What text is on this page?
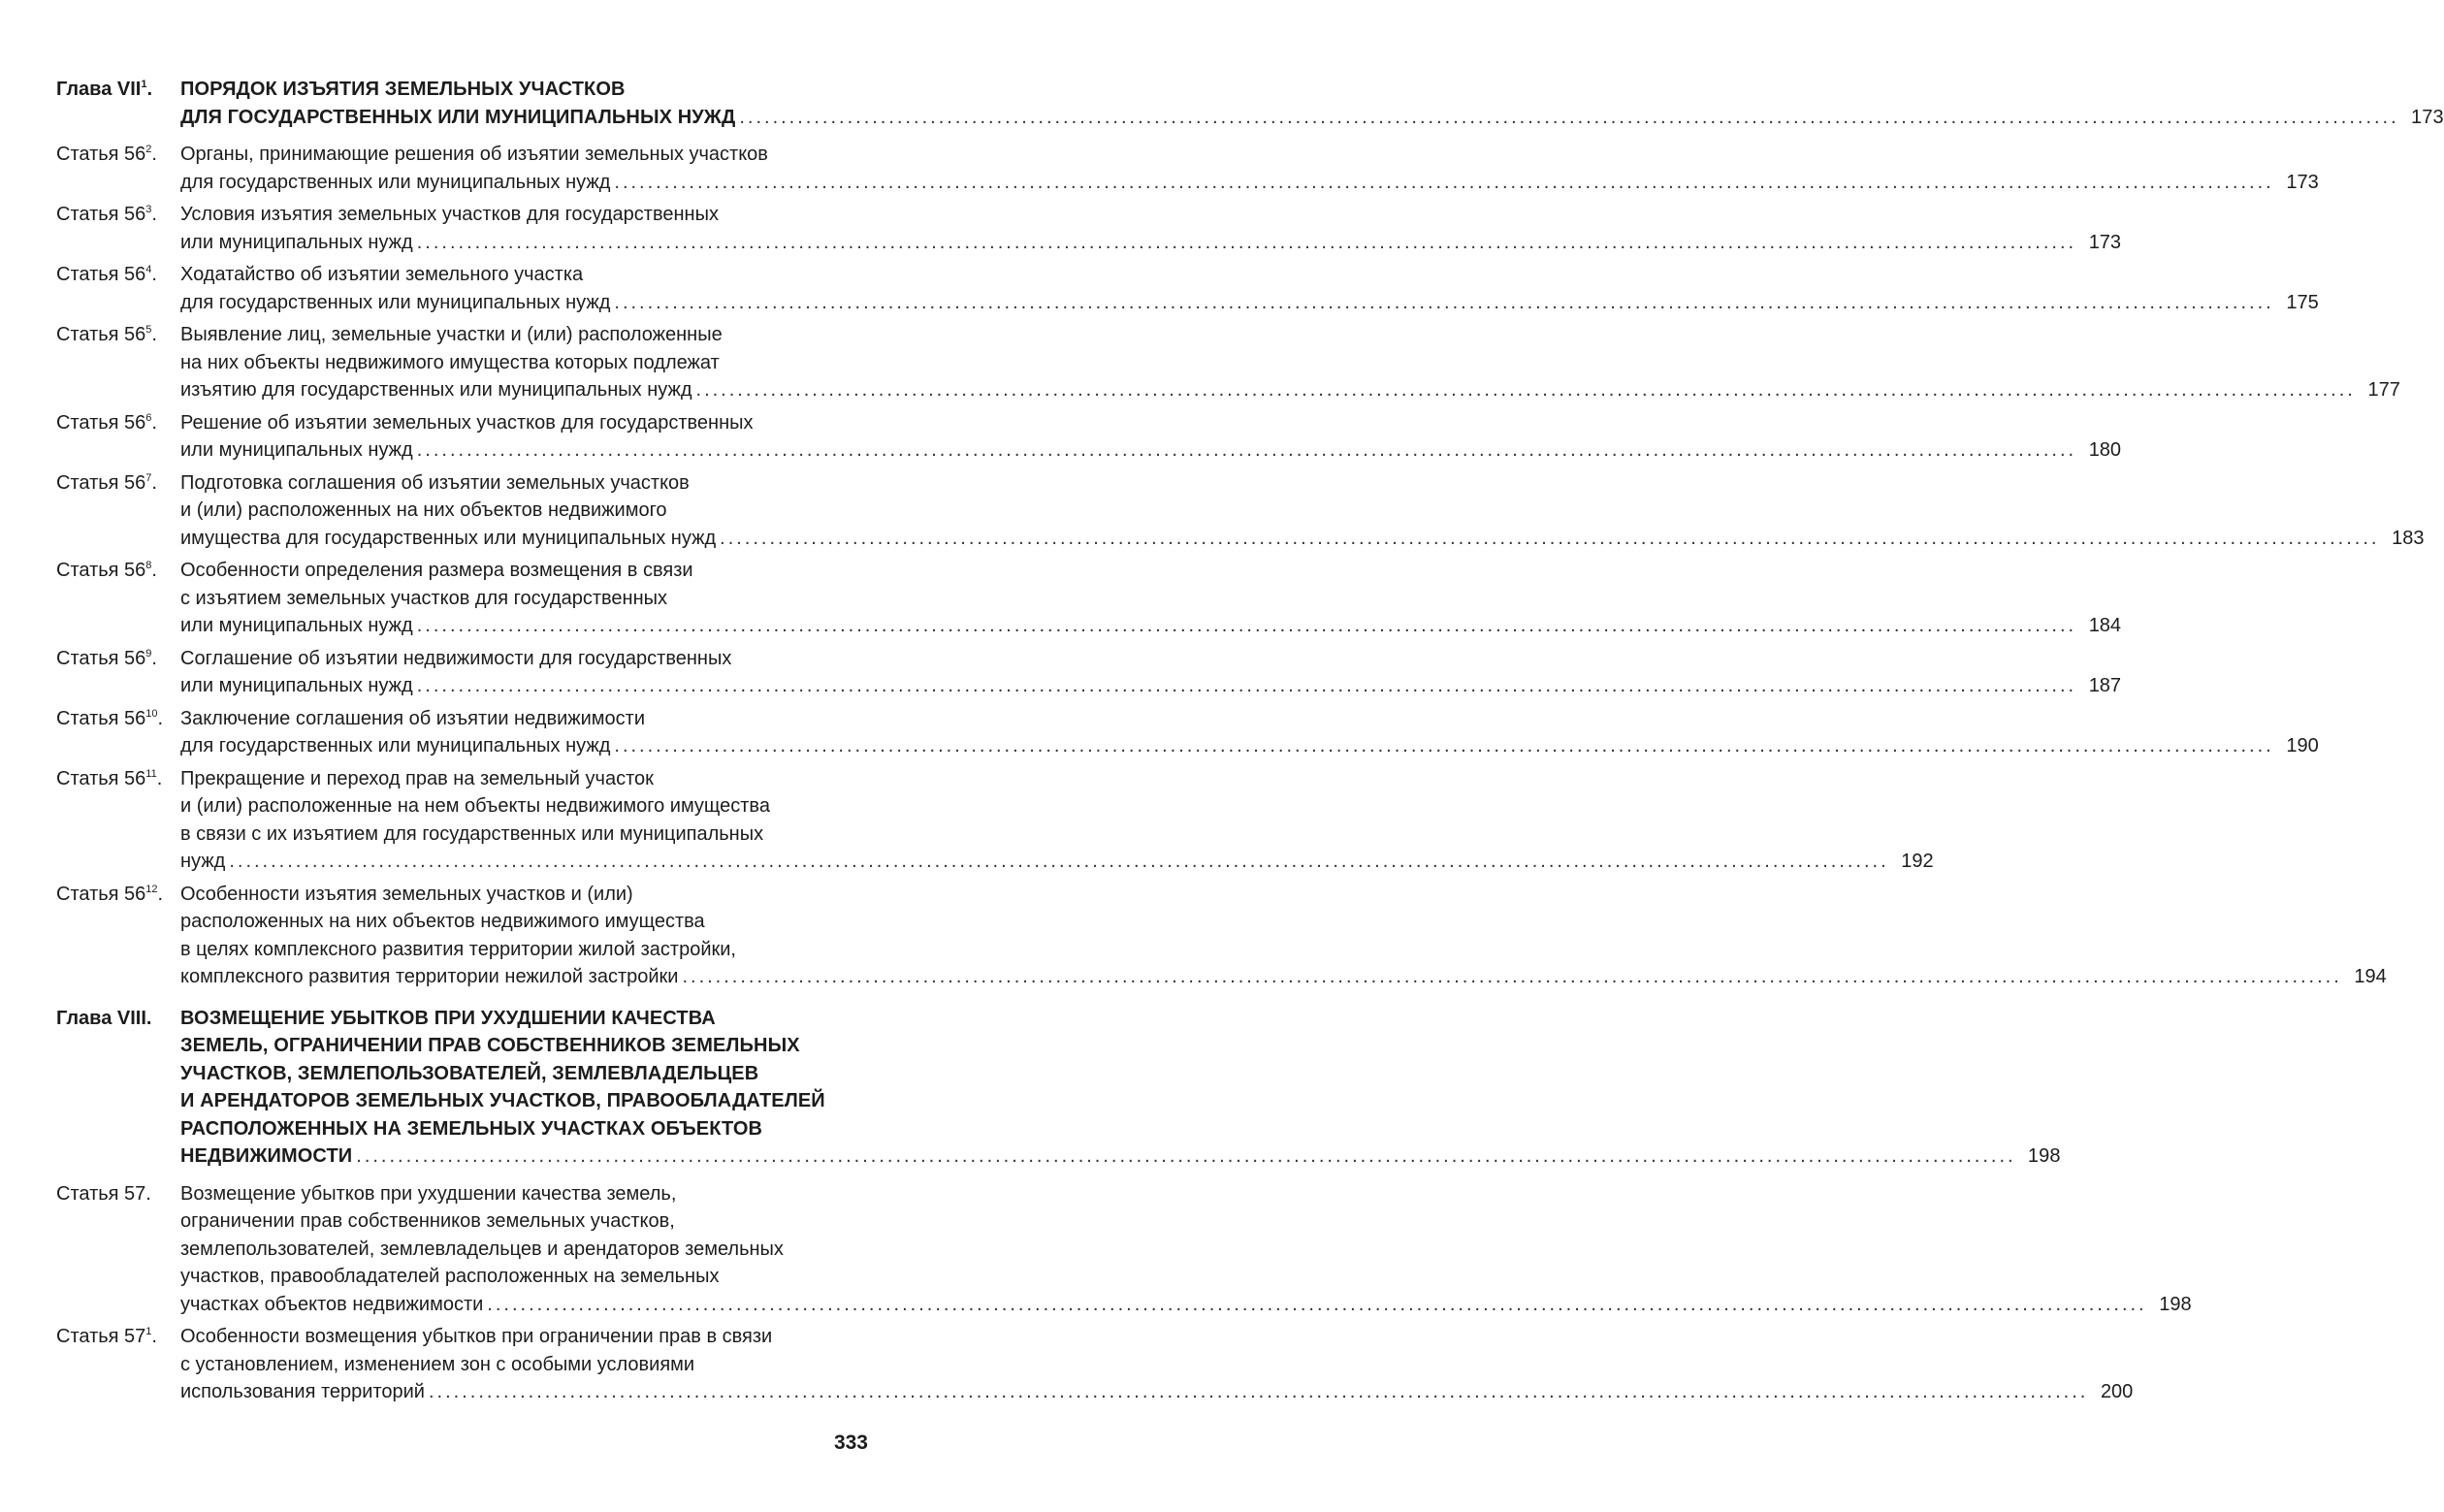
Глава VII$^1$.	ПОРЯДОК ИЗЪЯТИЯ ЗЕМЕЛЬНЫХ УЧАСТКОВ
ДЛЯ ГОСУДАРСТВЕННЫХ ИЛИ МУНИЦИПАЛЬНЫХ НУЖД ........................................................................................................................................................................................................ 173
Статья $56^2$.	Органы, принимающие решения об изъятии земельных участков
для государственных или муниципальных нужд ........................................................................................................................................................................................................ 173
Статья $56^3$.	Условия изъятия земельных участков для государственных
или муниципальных нужд ........................................................................................................................................................................................................ 173
Статья $56^4$.	Ходатайство об изъятии земельного участка
для государственных или муниципальных нужд ........................................................................................................................................................................................................ 175
Статья $56^5$.	Выявление лиц, земельные участки и (или) расположенные
на них объекты недвижимого имущества которых подлежат
изъятию для государственных или муниципальных нужд ........................................................................................................................................................................................................ 177
Статья $56^6$.	Решение об изъятии земельных участков для государственных
или муниципальных нужд ........................................................................................................................................................................................................ 180
Статья $56^7$.	Подготовка соглашения об изъятии земельных участков
и (или) расположенных на них объектов недвижимого
имущества для государственных или муниципальных нужд ........................................................................................................................................................................................................ 183
Статья $56^8$.	Особенности определения размера возмещения в связи
с изъятием земельных участков для государственных
или муниципальных нужд ........................................................................................................................................................................................................ 184
Статья $56^9$.	Соглашение об изъятии недвижимости для государственных
или муниципальных нужд ........................................................................................................................................................................................................ 187
Статья $56^{10}$. Заключение соглашения об изъятии недвижимости
для государственных или муниципальных нужд ........................................................................................................................................................................................................ 190
Статья $56^{11}$. Прекращение и переход прав на земельный участок
и (или) расположенные на нем объекты недвижимого имущества
в связи с их изъятием для государственных или муниципальных
нужд ........................................................................................................................................................................................................ 192
Статья $56^{12}$. Особенности изъятия земельных участков и (или)
расположенных на них объектов недвижимого имущества
в целях комплексного развития территории жилой застройки,
комплексного развития территории нежилой застройки ........................................................................................................................................................................................................ 194
Глава VIII.	ВОЗМЕЩЕНИЕ УБЫТКОВ ПРИ УХУДШЕНИИ КАЧЕСТВА
ЗЕМЕЛЬ, ОГРАНИЧЕНИИ ПРАВ СОБСТВЕННИКОВ ЗЕМЕЛЬНЫХ
УЧАСТКОВ, ЗЕМЛЕПОЛЬЗОВАТЕЛЕЙ, ЗЕМЛЕВЛАДЕЛЬЦЕВ
И АРЕНДАТОРОВ ЗЕМЕЛЬНЫХ УЧАСТКОВ, ПРАВООБЛАДАТЕЛЕЙ
РАСПОЛОЖЕННЫХ НА ЗЕМЕЛЬНЫХ УЧАСТКАХ ОБЪЕКТОВ
НЕДВИЖИМОСТИ ........................................................................................................................................................................................................ 198
Статья 57.	Возмещение убытков при ухудшении качества земель,
ограничении прав собственников земельных участков,
землепользователей, землевладельцев и арендаторов земельных
участков, правообладателей расположенных на земельных
участках объектов недвижимости ........................................................................................................................................................................................................ 198
Статья $57^1$.	Особенности возмещения убытков при ограничении прав в связи
с установлением, изменением зон с особыми условиями
использования территорий ........................................................................................................................................................................................................ 200
333
